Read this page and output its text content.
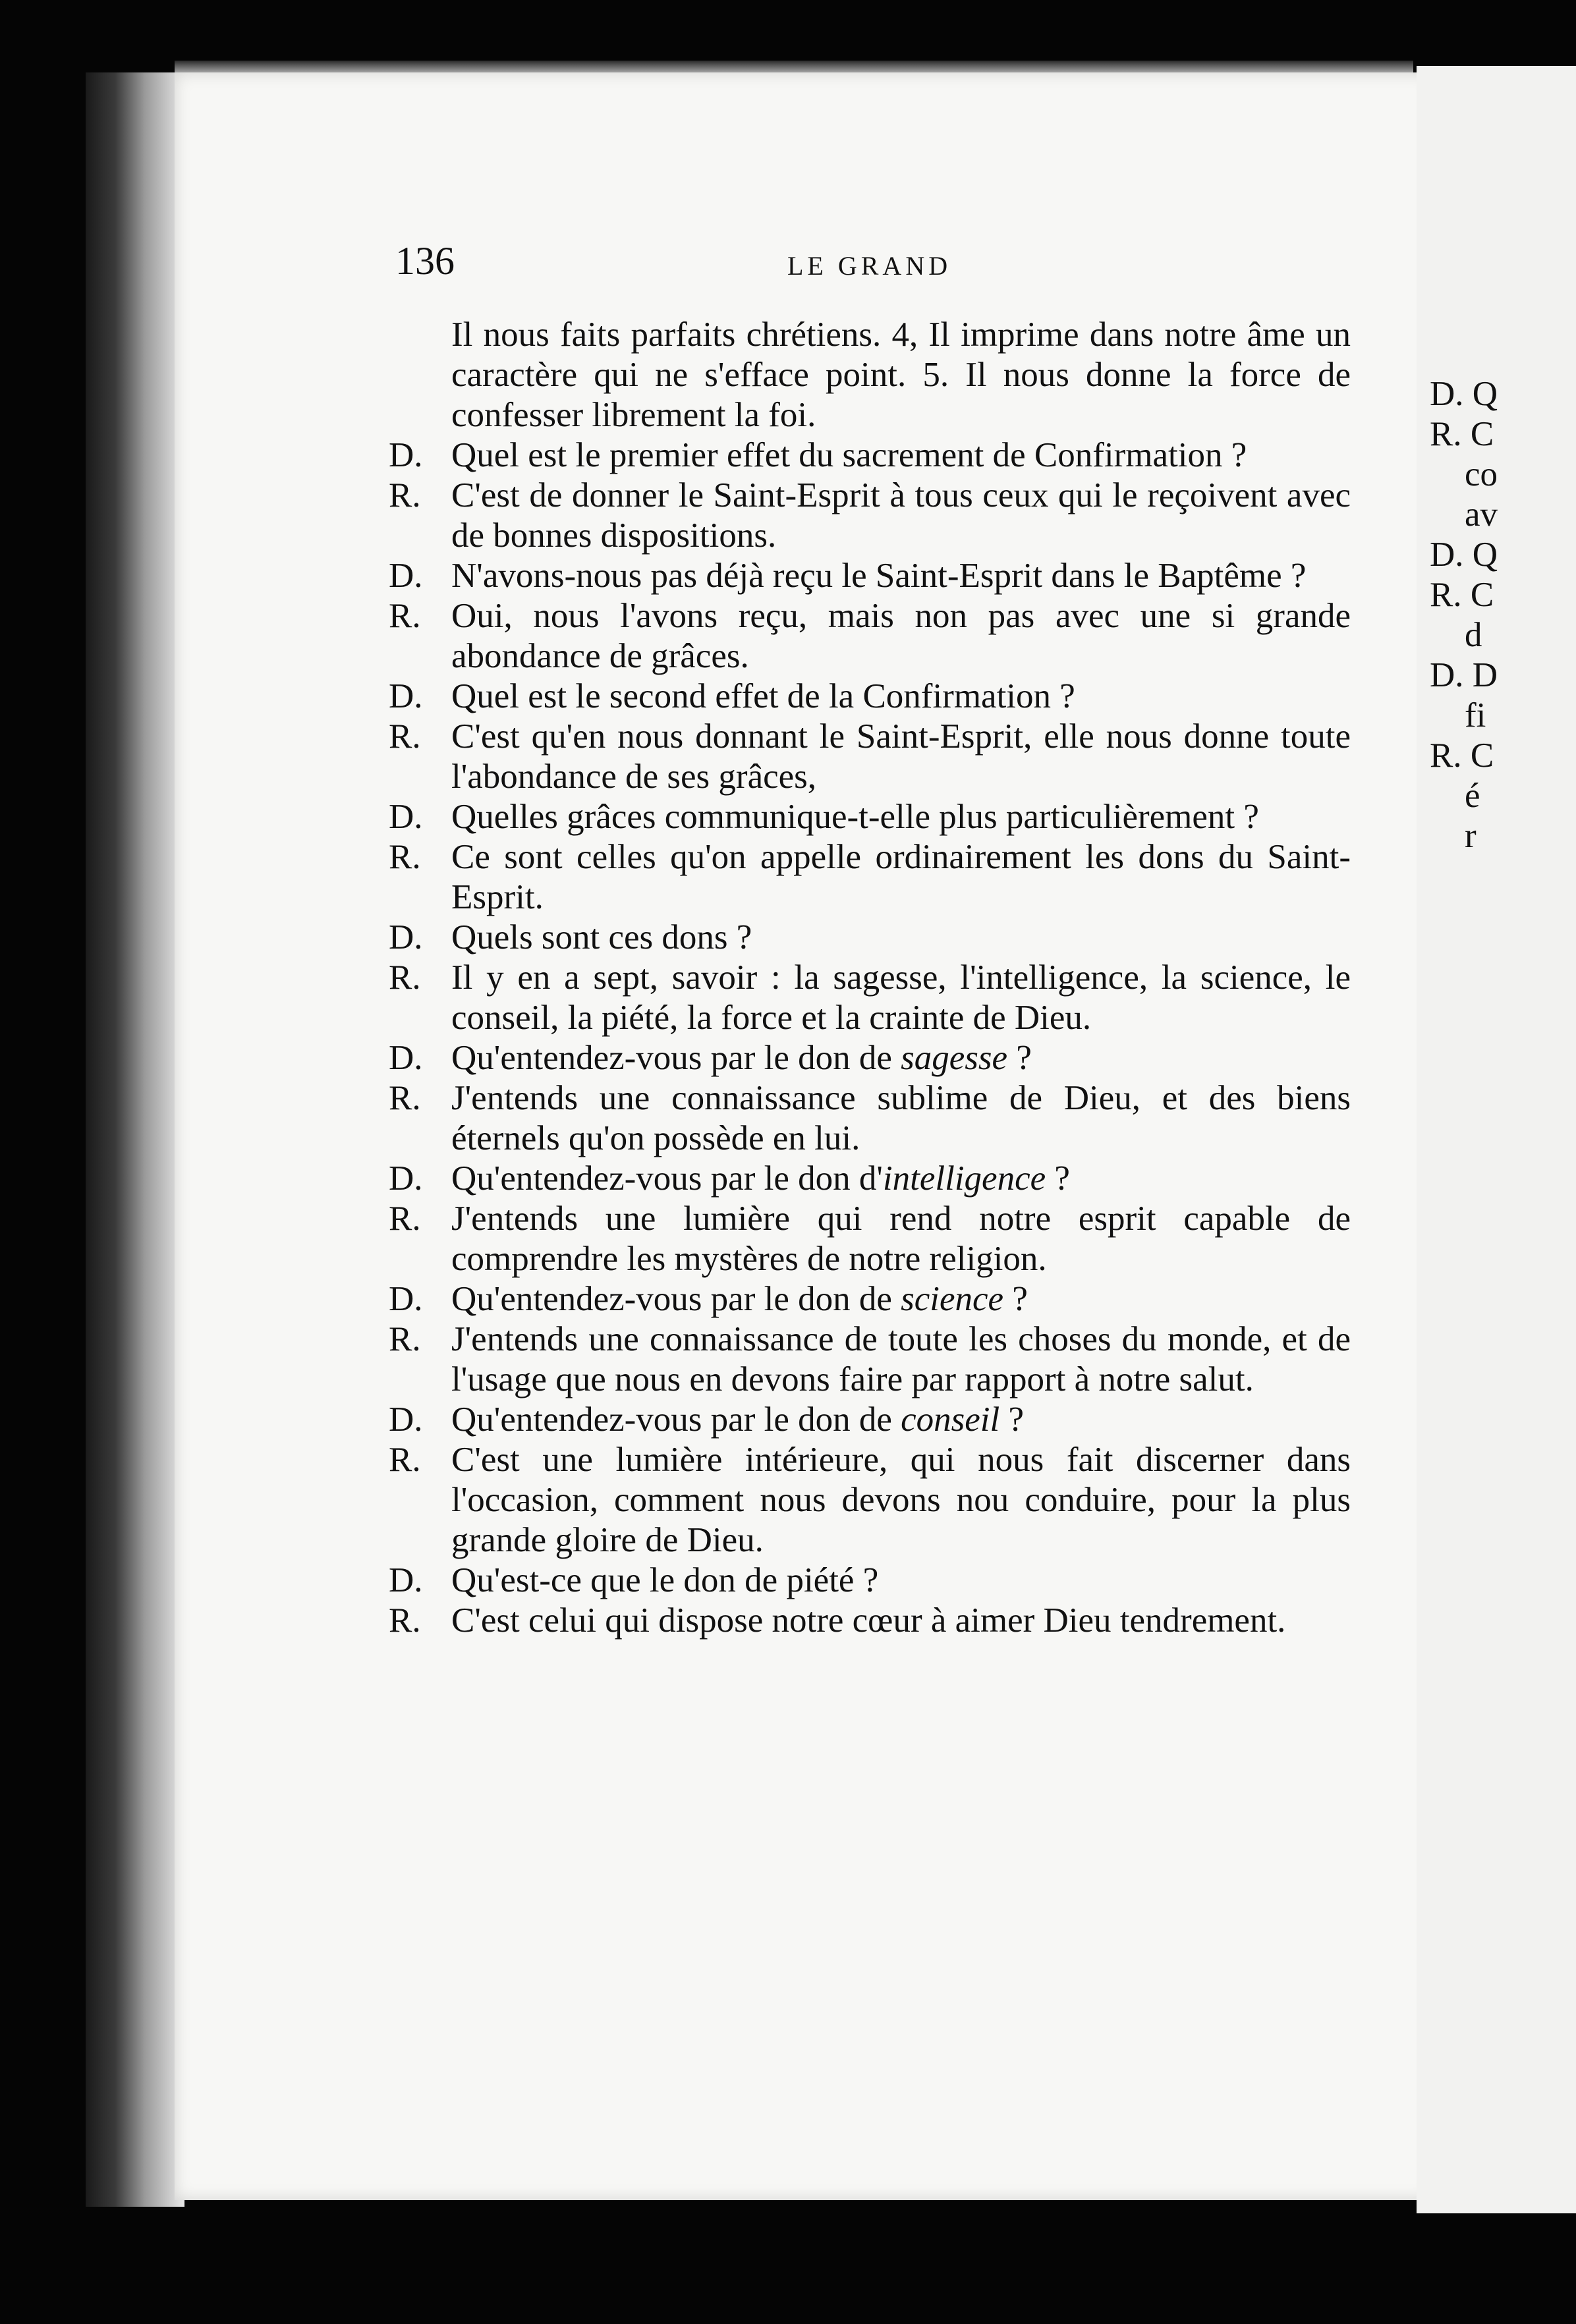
D. Q
R. C
co
av
D. Q
R. C
d
D. D
fi
R. C
é
r
136	LE GRAND
Il nous faits parfaits chrétiens. 4, Il imprime dans notre âme un caractère qui ne s'efface point. 5. Il nous donne la force de confesser librement la foi.
D. Quel est le premier effet du sacrement de Confirmation ?
R. C'est de donner le Saint-Esprit à tous ceux qui le reçoivent avec de bonnes dispositions.
D. N'avons-nous pas déjà reçu le Saint-Esprit dans le Baptême ?
R. Oui, nous l'avons reçu, mais non pas avec une si grande abondance de grâces.
D. Quel est le second effet de la Confirmation ?
R. C'est qu'en nous donnant le Saint-Esprit, elle nous donne toute l'abondance de ses grâces,
D. Quelles grâces communique-t-elle plus particulièrement ?
R. Ce sont celles qu'on appelle ordinairement les dons du Saint-Esprit.
D. Quels sont ces dons ?
R. Il y en a sept, savoir : la sagesse, l'intelligence, la science, le conseil, la piété, la force et la crainte de Dieu.
D. Qu'entendez-vous par le don de sagesse ?
R. J'entends une connaissance sublime de Dieu, et des biens éternels qu'on possède en lui.
D. Qu'entendez-vous par le don d'intelligence ?
R. J'entends une lumière qui rend notre esprit capable de comprendre les mystères de notre religion.
D. Qu'entendez-vous par le don de science ?
R. J'entends une connaissance de toute les choses du monde, et de l'usage que nous en devons faire par rapport à notre salut.
D. Qu'entendez-vous par le don de conseil ?
R. C'est une lumière intérieure, qui nous fait discerner dans l'occasion, comment nous devons nou conduire, pour la plus grande gloire de Dieu.
D. Qu'est-ce que le don de piété ?
R. C'est celui qui dispose notre cœur à aimer Dieu tendrement.
